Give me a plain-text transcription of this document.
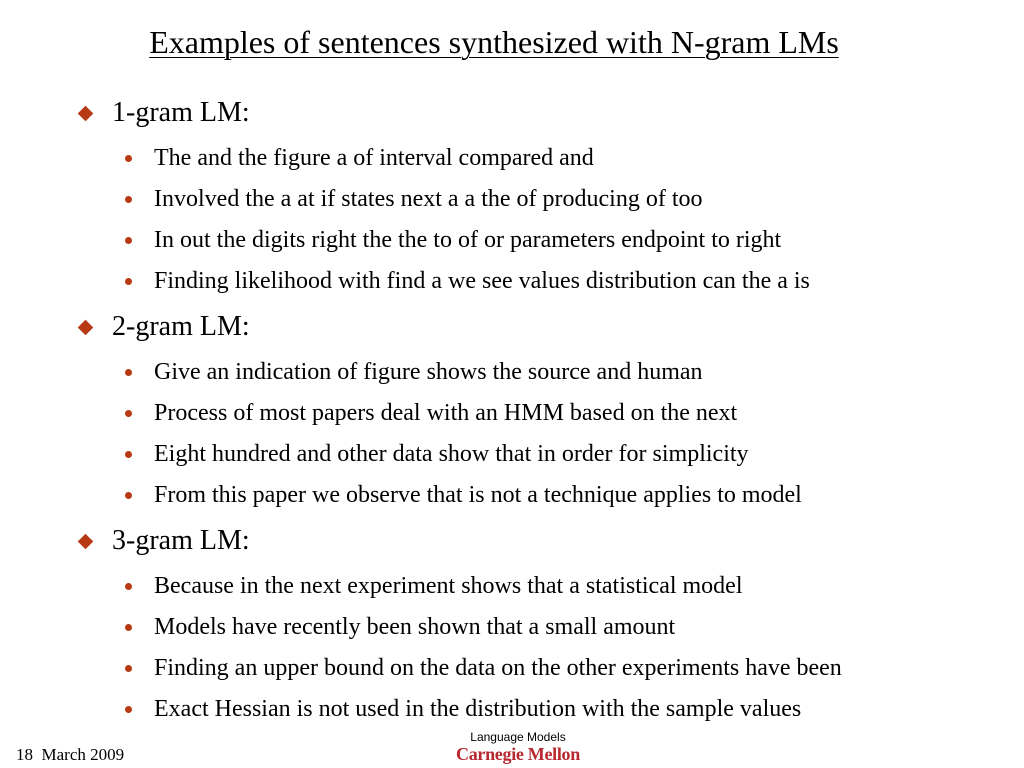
Examples of sentences synthesized with N-gram LMs
1-gram LM:
The and the figure a of interval compared and
Involved the a at if states next a a the of producing of too
In out the digits right the the to of or parameters endpoint to right
Finding likelihood with find a we see values distribution can the a is
2-gram LM:
Give an indication of figure shows the source and human
Process of most papers deal with an HMM based on the next
Eight hundred and other data show that in order for simplicity
From this paper we observe that is not a technique applies to model
3-gram LM:
Because in the next experiment shows that a statistical model
Models have recently been shown that a small amount
Finding an upper bound on the data on the other experiments have been
Exact Hessian is not used in the distribution with the sample values
18  March 2009
Language Models
Carnegie Mellon
